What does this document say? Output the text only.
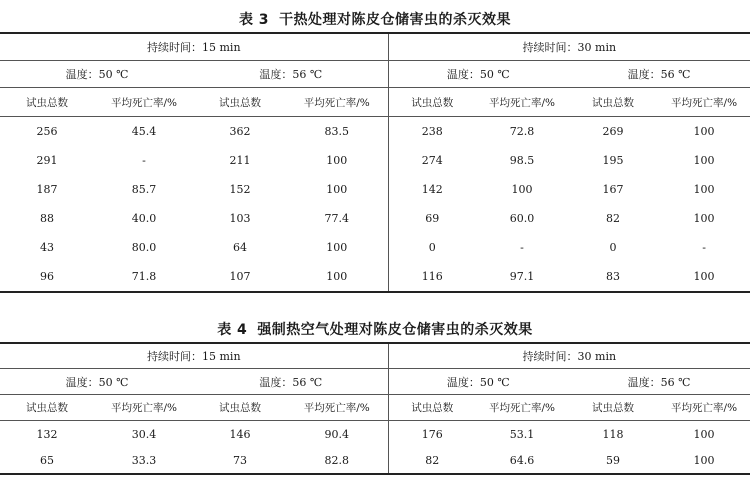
表 3 干热处理对陈皮仓储害虫的杀灭效果
持续时间：15 min				持续时间：30 min			
温度：50 ℃		温度：56 ℃		温度：50 ℃		温度：56 ℃	
试虫总数	平均死亡率/%	试虫总数	平均死亡率/%	试虫总数	平均死亡率/%	试虫总数	平均死亡率/%
256	45.4	362	83.5	238	72.8	269	100
291	-	211	100	274	98.5	195	100
187	85.7	152	100	142	100	167	100
88	40.0	103	77.4	69	60.0	82	100
43	80.0	64	100	0	-	0	-
96	71.8	107	100	116	97.1	83	100
表 4 强制热空气处理对陈皮仓储害虫的杀灭效果
持续时间：15 min				持续时间：30 min			
温度：50 ℃		温度：56 ℃		温度：50 ℃		温度：56 ℃	
试虫总数	平均死亡率/%	试虫总数	平均死亡率/%	试虫总数	平均死亡率/%	试虫总数	平均死亡率/%
132	30.4	146	90.4	176	53.1	118	100
65	33.3	73	82.8	82	64.6	59	100
